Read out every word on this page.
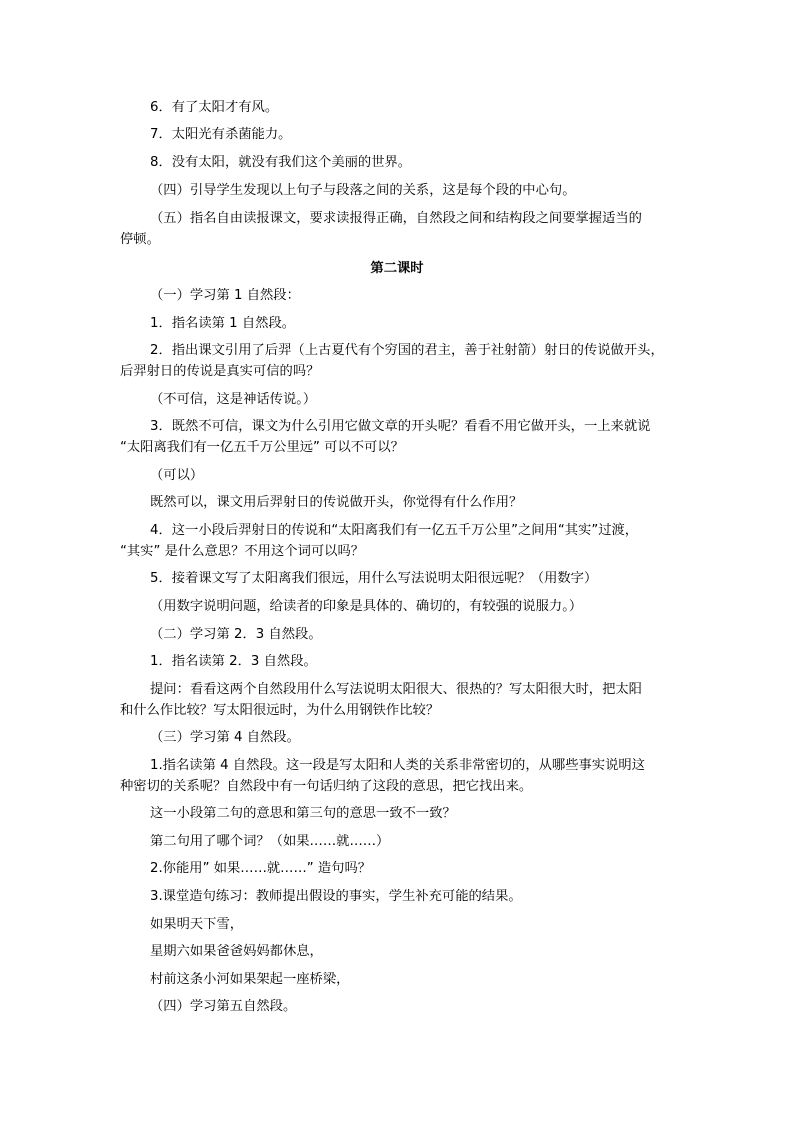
6．有了太阳才有风。
7．太阳光有杀菌能力。
8．没有太阳，就没有我们这个美丽的世界。
（四）引导学生发现以上句子与段落之间的关系，这是每个段的中心句。
（五）指名自由读报课文，要求读报得正确，自然段之间和结构段之间要掌握适当的
停顿。
第二课时
（一）学习第 1 自然段：
1．指名读第 1 自然段。
2．指出课文引用了后羿（上古夏代有个穷国的君主，善于社射箭）射日的传说做开头，
后羿射日的传说是真实可信的吗？
（不可信，这是神话传说。）
3．既然不可信，课文为什么引用它做文章的开头呢？看看不用它做开头，一上来就说
“太阳离我们有一亿五千万公里远” 可以不可以？
（可以）
既然可以，课文用后羿射日的传说做开头，你觉得有什么作用？
4．这一小段后羿射日的传说和“太阳离我们有一亿五千万公里”之间用“其实”过渡，
“其实” 是什么意思？不用这个词可以吗？
5．接着课文写了太阳离我们很远，用什么写法说明太阳很远呢？（用数字）
（用数字说明问题，给读者的印象是具体的、确切的，有较强的说服力。）
（二）学习第 2．3 自然段。
1．指名读第 2．3 自然段。
提问：看看这两个自然段用什么写法说明太阳很大、很热的？写太阳很大时，把太阳
和什么作比较？写太阳很远时，为什么用钢铁作比较？
（三）学习第 4 自然段。
1.指名读第 4 自然段。这一段是写太阳和人类的关系非常密切的，从哪些事实说明这
种密切的关系呢？自然段中有一句话归纳了这段的意思，把它找出来。
这一小段第二句的意思和第三句的意思一致不一致？
第二句用了哪个词？（如果……就……）
2.你能用” 如果……就……” 造句吗？
3.课堂造句练习：教师提出假设的事实，学生补充可能的结果。
如果明天下雪，
星期六如果爸爸妈妈都休息，
村前这条小河如果架起一座桥梁，
（四）学习第五自然段。
